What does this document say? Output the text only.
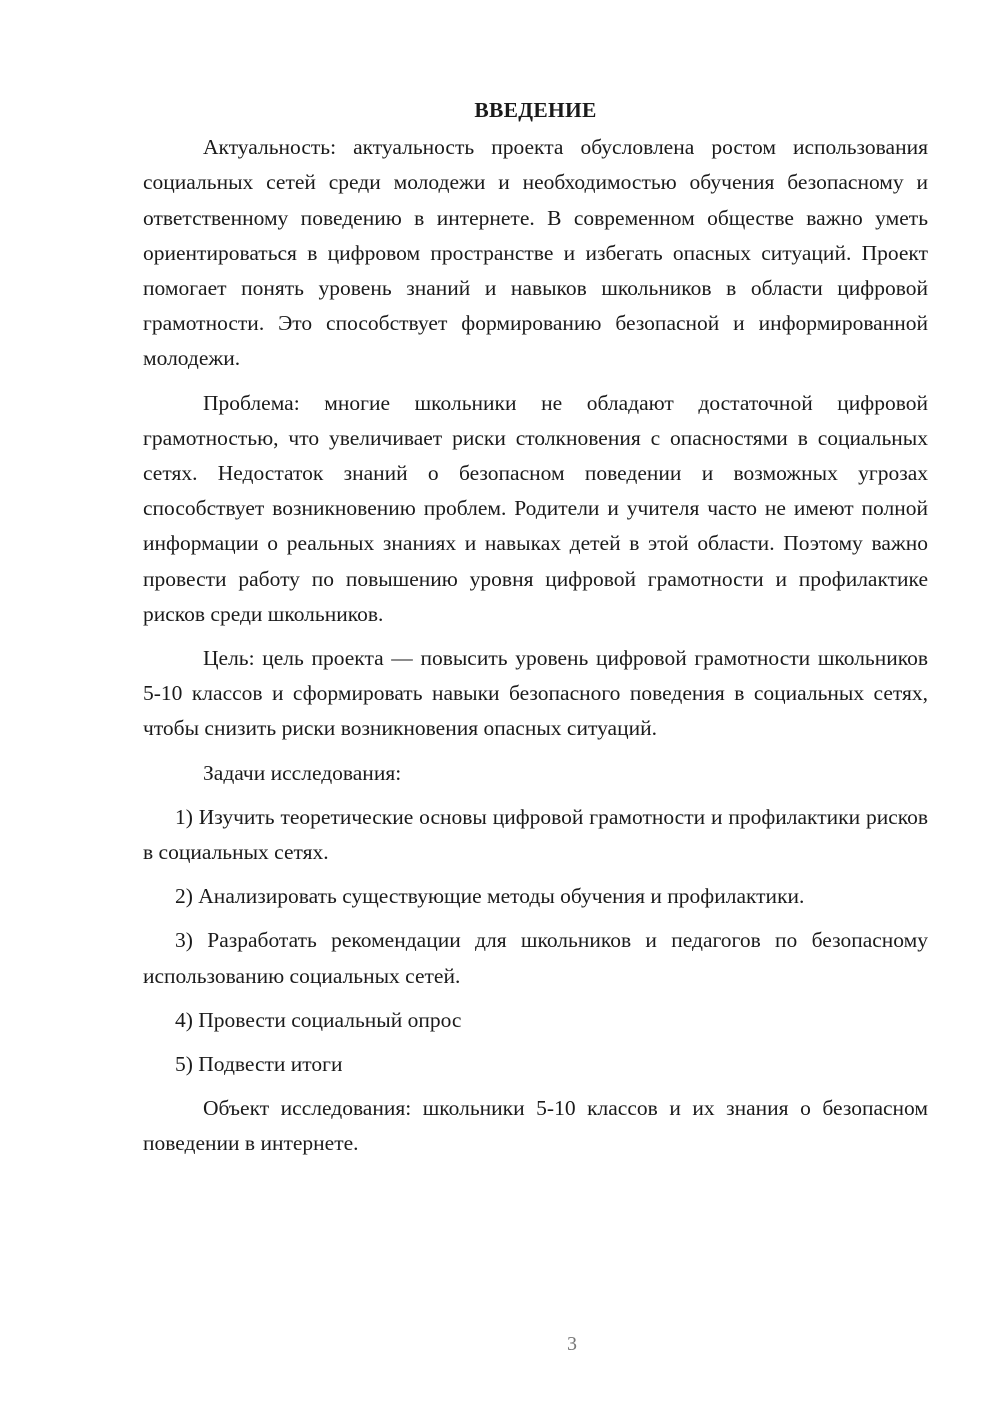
ВВЕДЕНИЕ

Актуальность: актуальность проекта обусловлена ростом использования социальных сетей среди молодежи и необходимостью обучения безопасному и ответственному поведению в интернете. В современном обществе важно уметь ориентироваться в цифровом пространстве и избегать опасных ситуаций. Проект помогает понять уровень знаний и навыков школьников в области цифровой грамотности. Это способствует формированию безопасной и информированной молодежи.

Проблема: многие школьники не обладают достаточной цифровой грамотностью, что увеличивает риски столкновения с опасностями в социальных сетях. Недостаток знаний о безопасном поведении и возможных угрозах способствует возникновению проблем. Родители и учителя часто не имеют полной информации о реальных знаниях и навыках детей в этой области. Поэтому важно провести работу по повышению уровня цифровой грамотности и профилактике рисков среди школьников.

Цель: цель проекта — повысить уровень цифровой грамотности школьников 5-10 классов и сформировать навыки безопасного поведения в социальных сетях, чтобы снизить риски возникновения опасных ситуаций.

Задачи исследования:

1) Изучить теоретические основы цифровой грамотности и профилактики рисков в социальных сетях.

2) Анализировать существующие методы обучения и профилактики.

3) Разработать рекомендации для школьников и педагогов по безопасному использованию социальных сетей.

4) Провести социальный опрос

5) Подвести итоги

Объект исследования: школьники 5-10 классов и их знания о безопасном поведении в интернете.

3
